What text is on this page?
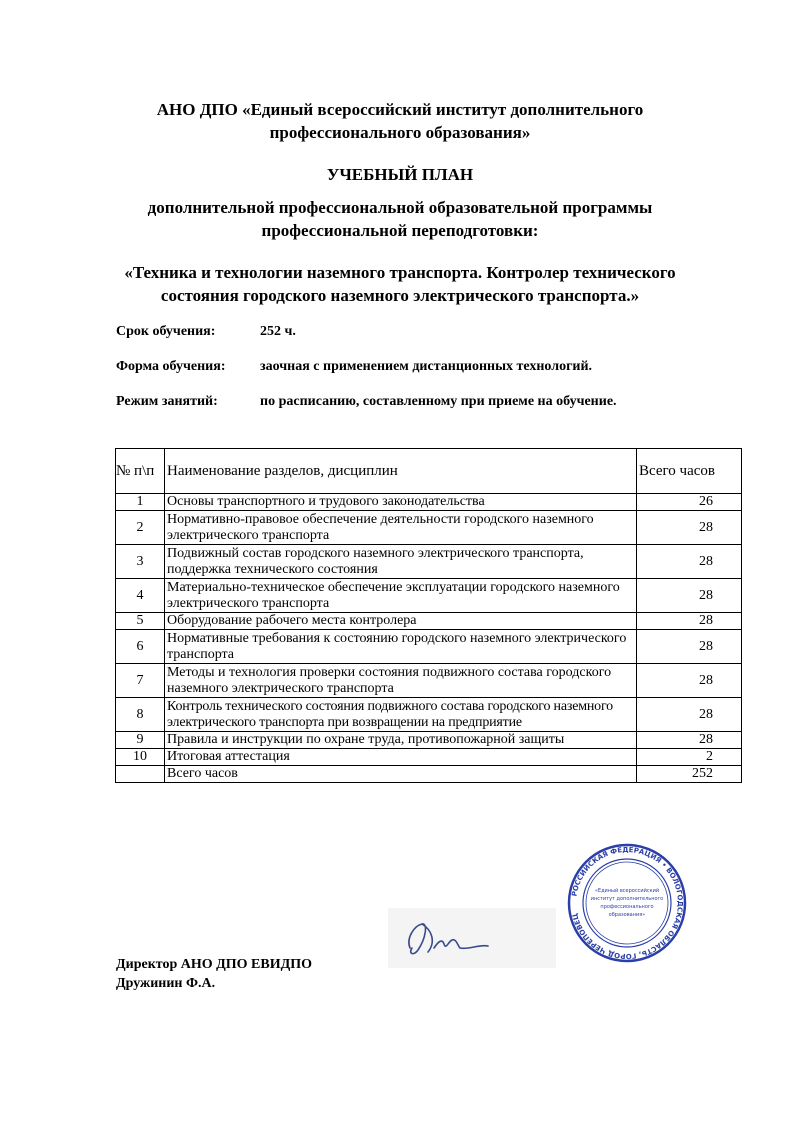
АНО ДПО «Единый всероссийский институт дополнительного
профессионального образования»
УЧЕБНЫЙ ПЛАН
дополнительной профессиональной образовательной программы
профессиональной переподготовки:
«Техника и технологии наземного транспорта. Контролер технического
состояния городского наземного электрического транспорта.»
Срок обучения:	252 ч.
Форма обучения: заочная с применением дистанционных технологий.
Режим занятий:	по расписанию, составленному при приеме на обучение.
№ п\п	Наименование разделов, дисциплин	Всего часов
1	Основы транспортного и трудового законодательства	26
2	Нормативно-правовое обеспечение деятельности городского наземного электрического транспорта	28
3	Подвижный состав городского наземного электрического транспорта, поддержка технического состояния	28
4	Материально-техническое обеспечение эксплуатации городского наземного электрического транспорта	28
5	Оборудование рабочего места контролера	28
6	Нормативные требования к состоянию городского наземного электрического транспорта	28
7	Методы и технология проверки состояния подвижного состава городского наземного электрического транспорта	28
8	Контроль технического состояния подвижного состава городского наземного электрического транспорта при возвращении на предприятие	28
9	Правила и инструкции по охране труда, противопожарной защиты	28
10	Итоговая аттестация	2
	Всего часов	252
РОССИЙСКАЯ ФЕДЕРАЦИЯ • ВОЛОГОДСКАЯ ОБЛАСТЬ, ГОРОД ЧЕРЕПОВЕЦ
«Единый всероссийский
институт дополнительного
профессионального
образования»
Директор АНО ДПО ЕВИДПО
Дружинин Ф.А.
